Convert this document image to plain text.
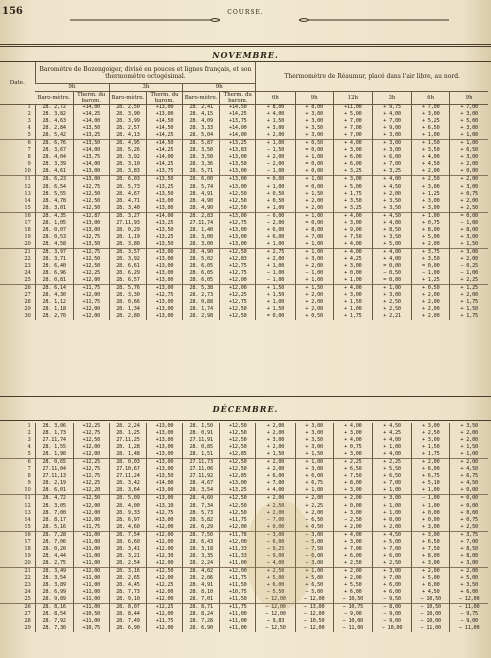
156	COURSE.
NOVEMBRE.
Date.	Baromètre de Bozengoiger, divisé en pouces et lignes français, et son thermomètre octogésimal.						Thermomètre de Réaumur, placé dans l'air libre, au nord.					
	9h		3h		9h							
	Baro-mètre.	Therm. du barom.	Baro-mètre.	Therm. du barom.	Baro-mètre.	Therm. du barom.	6h	9h	12h	3h	6h	9h
1	28. 2,72	+14,00	28. 2,50	+13,00	28. 2,41	+14,50	+ 8,00	+ 8,00	+11,00	+ 9,75	+ 7,00	+ 7,00
2	28. 3,82	+14,25	28. 3,90	+13,00	28. 4,15	+14,25	+ 4,00	+ 3,00	+ 5,00	+ 4,00	+ 3,00	+ 3,00
3	28. 4,63	+14,00	28. 3,99	+14,50	28. 4,09	+13,75	+ 1,50	+ 3,00	+ 7,00	+ 7,00	+ 5,25	+ 5,00
4	28. 2,84	+13,50	28. 2,57	+14,50	28. 3,33	+14,00	+ 3,00	+ 3,50	+ 7,00	+ 9,00	+ 6,50	+ 3,00
5	28. 5,42	+13,25	28. 4,13	+14,25	28. 5,04	+14,00	+ 2,00	+ 3,00	+ 7,00	+ 3,00	+ 1,00	+ 1,00
6	28. 6,76	+13,50	28. 4,95	+14,50	28. 5,87	+13,25	+ 1,00	+ 0,50	+ 4,00	+ 3,00	+ 1,50	+ 1,00
7	28. 3,67	+14,00	28. 5,26	+14,25	28. 3,50	+13,83	− 1,50	= 0,00	+ 3,00	+ 3,00	+ 3,50	+ 6,50
8	28. 4,04	+13,75	28. 3,92	+14,00	28. 3,50	+13,00	+ 2,00	+ 1,00	+ 6,00	+ 6,00	+ 4,00	+ 3,00
9	28. 3,39	+14,00	28. 3,10	+14,25	28. 3,36	+13,50	− 2,00	= 0,00	+ 6,00	+ 7,00	+ 4,50	+ 2,00
10	28. 4,61	+13,00	28. 3,83	+13,75	28. 5,71	+13,00	− 1,00	+ 0,00	+ 3,25	+ 3,25	+ 2,00	+ 0,00
11	28. 6,23	+13,00	28. 6,03	+13,50	28. 6,00	+13,00	= 0,00	+ 1,00	+ 3,00	+ 4,00	+ 2,50	+ 2,00
12	28. 6,54	+12,75	28. 5,73	+13,25	28. 5,74	+13,00	+ 1,00	= 0,00	+ 5,00	+ 4,50	+ 3,00	+ 3,00
13	28. 5,55	+12,50	28. 4,67	+13,50	28. 4,91	+12,50	+ 0,50	+ 1,50	+ 1,75	+ 2,00	+ 1,25	+ 0,75
14	28. 4,78	+12,50	28. 4,71	+13,00	28. 4,90	+12,50	+ 0,50	+ 2,00	+ 3,50	+ 3,50	+ 3,00	+ 2,00
15	28. 3,01	+12,50	28. 3,40	+13,00	28. 4,90	+12,50	+ 1,00	+ 2,00	+ 3,25	+ 3,50	+ 3,00	+ 2,50
16	28. 4,35	+12,87	28. 3,27	+14,00	28. 2,83	+13,00	− 0,00	+ 1,00	+ 4,00	+ 4,50	+ 1,00	= 0,00
17	28. 1,05	+13,00	27.11,93	+13,25	27.11,74	+12,75	− 2,00	= 0,00	+ 3,00	+ 4,00	+ 0,75	− 1,00
18	28. 0,07	+13,00	28. 0,29	+13,50	28. 1,40	+13,00	+ 6,00	+ 8,00	+ 9,00	+ 8,50	+ 8,00	+ 8,00
19	28. 0,53	+12,75	28. 1,19	+13,25	28. 3,00	+13,00	+ 6,00	+ 7,00	+ 7,50	+ 3,50	+ 5,00	+ 3,00
20	28. 4,58	+13,50	28. 3,80	+13,50	28. 3,00	+13,00	+ 1,00	+ 1,00	+ 4,00	+ 5,00	+ 2,00	+ 1,50
21	28. 3,97	+12,75	28. 3,57	+13,00	28. 4,90	+12,50	+ 2,75	+ 1,00	+ 4,00	+ 4,00	+ 3,75	+ 3,00
22	28. 3,71	+12,50	28. 3,92	+13,00	28. 5,02	+12,83	+ 2,00	+ 3,00	+ 4,25	+ 4,00	+ 3,50	+ 2,00
23	28. 6,40	+12,50	28. 6,61	+13,00	28. 6,05	+12,75	+ 1,00	+ 2,00	+ 3,00	= 0,00	= 0,00	− 0,25
24	28. 6,96	+12,25	28. 6,29	+13,00	28. 6,05	+12,75	− 1,00	− 1,00	+ 0,00	− 0,50	− 1,00	− 1,00
25	28. 0,81	+12,00	28. 6,57	+13,00	28. 6,05	+12,00	− 1,00	+ 1,00	+ 1,00	= 0,00	+ 1,25	+ 2,25
26	28. 6,14	+11,75	28. 5,76	+13,00	28. 5,38	+12,00	+ 1,50	+ 1,50	+ 4,00	+ 1,00	+ 0,50	+ 1,25
27	28. 4,30	+12,00	28. 3,30	+12,75	28. 2,73	+12,25	+ 1,50	+ 2,00	+ 3,00	+ 3,00	+ 2,00	+ 2,00
28	28. 1,12	+11,75	28. 0,66	+13,00	28. 0,88	+12,75	+ 1,00	+ 2,00	+ 1,50	+ 2,50	+ 2,00	+ 1,75
29	28. 1,18	+12,00	28. 1,34	+13,00	28. 1,74	+12,50	+ 1,50	+ 2,00	+ 1,00	+ 2,50	+ 2,00	+ 1,50
30	28. 2,70	+12,00	28. 2,80	+13,00	28. 2,98	+12,50	= 0,00	+ 0,50	+ 1,75	+ 2,21	+ 2,00	+ 1,75
DÉCEMBRE.
1	28. 3,06	+12,25	28. 2,24	+13,00	28. 1,50	+12,50	+ 2,00	+ 3,00	+ 4,00	+ 4,50	+ 3,00	+ 3,50
2	28. 1,73	+12,75	28. 1,25	+13,00	28. 0,91	+12,50	+ 2,00	+ 3,00	+ 3,00	+ 4,25	+ 2,50	+ 2,00
3	27.11,74	+12,50	27.11,25	+13,00	27.11,91	+12,50	+ 3,00	+ 3,50	+ 4,00	+ 4,00	+ 3,00	+ 2,00
4	28. 1,55	+12,00	28. 1,28	+13,00	28. 0,85	+12,50	+ 2,00	+ 3,00	+ 0,75	+ 1,00	+ 1,50	+ 1,50
5	28. 1,90	+12,00	28. 1,48	+13,00	28. 1,51	+12,85	+ 1,50	+ 1,50	+ 3,00	+ 4,00	+ 1,75	+ 1,00
6	28. 0,65	+12,25	28. 0,03	+13,00	27.11,73	+12,50	+ 2,00	+ 1,00	+ 2,25	+ 2,25	+ 2,00	+ 2,00
7	27.11,04	+12,75	27.10,67	+13,00	27.11,06	+12,50	+ 2,00	+ 3,00	+ 6,50	+ 5,50	+ 6,00	+ 4,50
8	27.11,13	+12,75	27.11,24	+13,50	27.11,92	+12,85	+ 6,00	+ 6,00	+ 7,50	+ 6,50	+ 6,75	+ 6,75
9	28. 2,19	+12,25	28. 3,42	+14,00	28. 4,67	+13,00	+ 7,00	+ 6,75	+ 8,00	+ 7,00	+ 5,10	+ 4,50
10	28. 6,01	+12,20	28. 3,64	+13,00	28. 3,54	+13,25	+ 4,00	+ 1,00	+ 3,00	+ 1,00	+ 1,00	+ 0,00
11	28. 4,72	+12,50	28. 5,09	+13,00	28. 4,60	+12,50	+ 2,00	+ 2,00	+ 2,00	+ 3,00	− 1,00	= 0,00
12	28. 3,05	+12,00	28. 4,00	+13,10	28. 7,34	+12,50	+ 2,50	+ 2,25	+ 0,00	+ 1,00	+ 1,00	+ 0,00
13	28. 7,00	+12,00	28. 9,33	+12,75	28. 5,73	+12,50	+ 2,00	+ 2,00	+ 3,00	+ 1,00	+ 0,00	+ 0,00
14	28. 8,17	+12,00	28. 6,97	+13,00	28. 5,82	+11,75	− 7,00	− 6,50	− 2,50	+ 0,00	+ 0,00	+ 0,75
15	28. 5,16	+11,75	28. 4,60	+12,00	28. 6,29	+12,00	+ 0,00	+ 0,50	+ 2,00	+ 2,00	+ 3,00	+ 2,50
16	28. 7,28	+11,00	28. 7,54	+12,00	28. 7,50	+11,78	− 3,00	− 3,00	+ 4,00	+ 4,50	+ 3,00	+ 3,75
17	28. 7,06	+11,00	28. 6,60	+12,00	28. 6,43	+12,00	− 6,00	− 5,00	+ 3,00	+ 5,00	+ 6,50	+ 7,00
18	28. 0,20	+11,00	28. 3,41	+12,00	28. 3,18	+11,33	− 9,25	− 7,50	+ 7,00	+ 7,00	+ 7,50	+ 8,50
19	28. 4,44	+11,00	28. 3,21	+12,30	28. 3,35	+11,33	− 9,00	− 6,00	+ 6,00	+ 6,00	+ 8,00	+ 8,00
20	28. 2,75	+11,00	28. 2,54	+12,00	28. 2,24	+11,00	− 4,00	− 3,00	+ 2,50	+ 2,50	+ 3,00	+ 3,00
21	28. 3,49	+12,00	28. 3,16	+12,50	28. 4,02	+12,00	+ 2,50	+ 1,00	+ 2,00	+ 3,00	+ 2,00	+ 2,00
22	28. 3,54	+11,00	28. 2,65	+12,00	28. 2,06	+11,75	+ 5,00	+ 5,00	+ 2,00	+ 7,00	+ 5,00	+ 5,00
23	28. 3,89	+11,00	28. 4,45	+12,25	28. 4,91	+11,50	+ 6,00	+ 6,50	+ 5,50	+ 6,00	+ 8,00	+ 3,50
24	28. 6,99	+11,00	28. 7,73	+12,00	28. 8,10	+10,75	− 5,50	− 5,00	+ 6,00	+ 6,00	+ 4,50	+ 6,00
25	28. 9,89	+11,00	28. 9,10	+12,00	28. 7,01	+11,50	− 12,00	− 12,00	− 10,50	− 9,50	− 10,50	− 12,00
26	28. 8,16	+11,00	28. 8,07	+12,25	28. 8,71	+11,75	− 12,00	− 13,00	− 10,75	− 8,00	− 10,50	− 11,00
27	28. 8,54	+10,50	28. 8,44	+12,00	28. 8,24	+11,00	− 12,00	− 12,00	− 9,00	− 9,00	− 10,00	− 9,75
28	28. 7,92	+11,00	28. 7,49	+11,75	28. 7,28	+11,00	− 9,83	− 10,50	− 10,00	− 9,00	− 10,00	− 9,00
29	28. 7,30	+10,75	28. 6,90	+12,00	28. 6,90	+11,00	− 12,50	− 12,00	− 11,00	− 10,00	− 11,00	− 11,00
